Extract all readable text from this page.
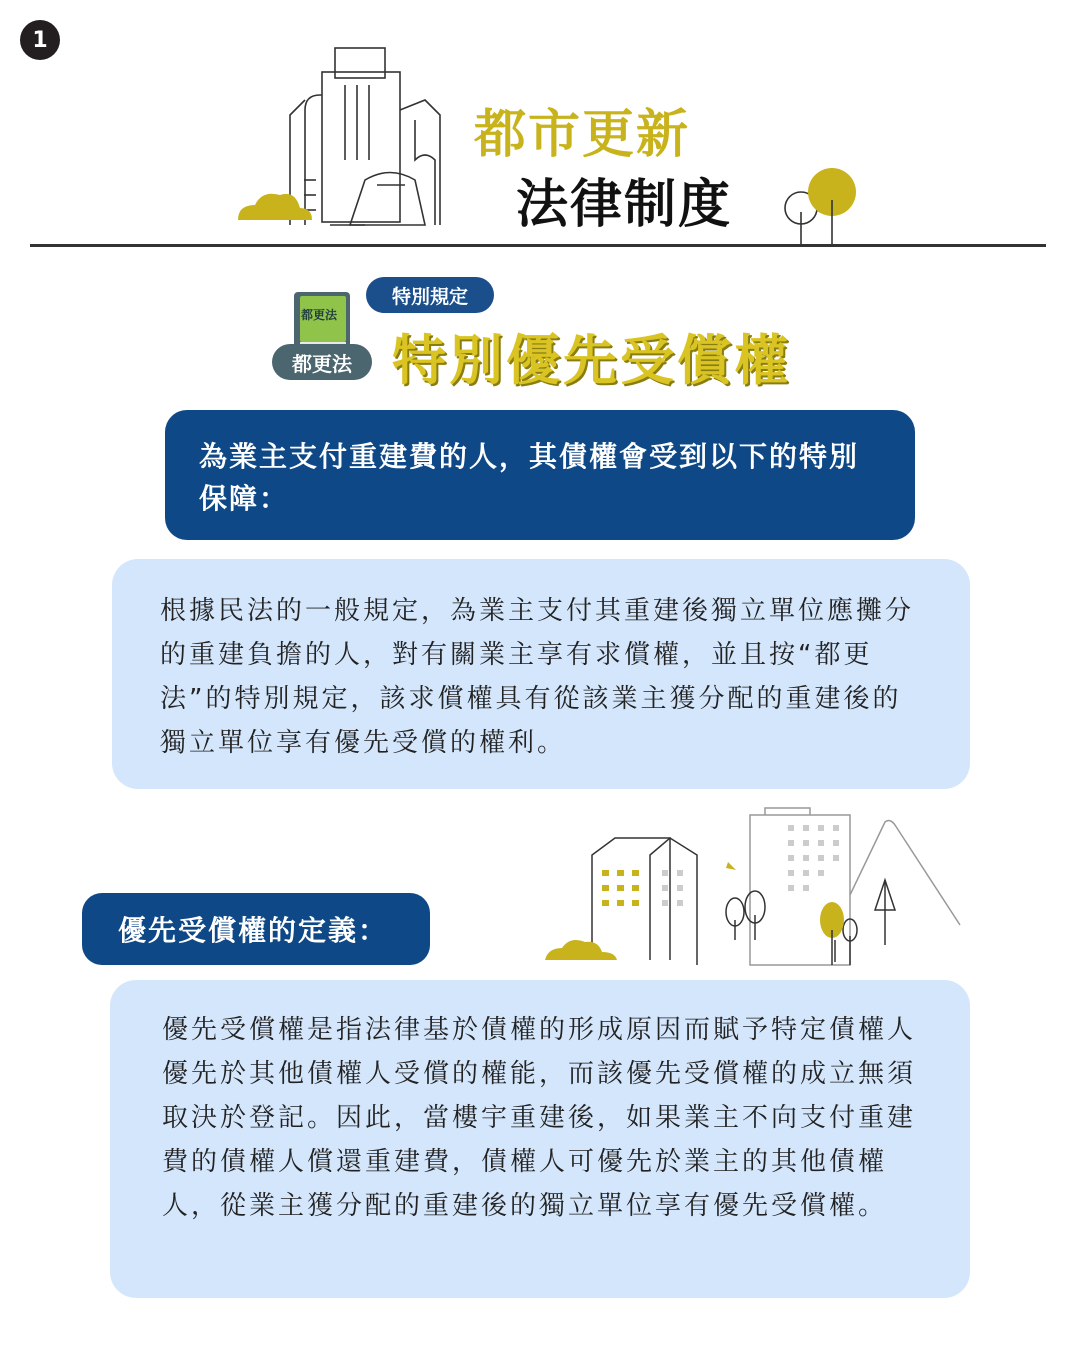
1
都市更新
法律制度
都更法
特別規定
都更法 特別優先受償權
為業主支付重建費的人，其債權會受到以下的特別保障：
根據民法的一般規定，為業主支付其重建後獨立單位應攤分的重建負擔的人，對有關業主享有求償權，並且按“都更法”的特別規定，該求償權具有從該業主獲分配的重建後的獨立單位享有優先受償的權利。
優先受償權的定義：
優先受償權是指法律基於債權的形成原因而賦予特定債權人優先於其他債權人受償的權能，而該優先受償權的成立無須取決於登記。因此，當樓宇重建後，如果業主不向支付重建費的債權人償還重建費，債權人可優先於業主的其他債權人，從業主獲分配的重建後的獨立單位享有優先受償權。
